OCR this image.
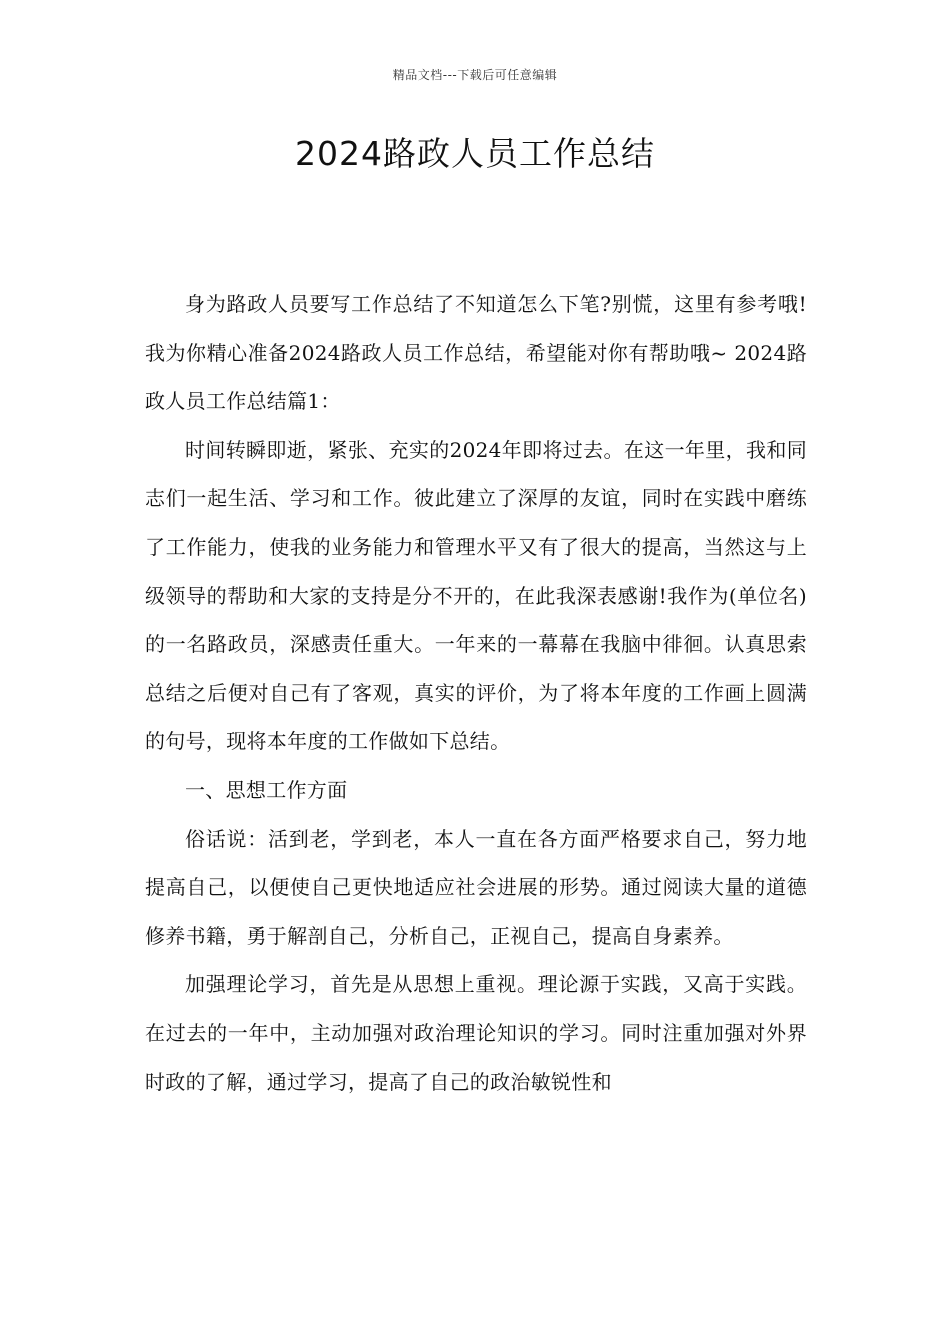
精品文档---下载后可任意编辑
2024路政人员工作总结

身为路政人员要写工作总结了不知道怎么下笔?别慌，这里有参考哦!我为你精心准备2024路政人员工作总结，希望能对你有帮助哦~ 2024路政人员工作总结篇1：

时间转瞬即逝，紧张、充实的2024年即将过去。在这一年里，我和同志们一起生活、学习和工作。彼此建立了深厚的友谊，同时在实践中磨练了工作能力，使我的业务能力和管理水平又有了很大的提高，当然这与上级领导的帮助和大家的支持是分不开的，在此我深表感谢!我作为(单位名)的一名路政员，深感责任重大。一年来的一幕幕在我脑中徘徊。认真思索总结之后便对自己有了客观，真实的评价，为了将本年度的工作画上圆满的句号，现将本年度的工作做如下总结。

一、思想工作方面

俗话说：活到老，学到老，本人一直在各方面严格要求自己，努力地提高自己，以便使自己更快地适应社会进展的形势。通过阅读大量的道德修养书籍，勇于解剖自己，分析自己，正视自己，提高自身素养。

加强理论学习，首先是从思想上重视。理论源于实践，又高于实践。在过去的一年中，主动加强对政治理论知识的学习。同时注重加强对外界时政的了解，通过学习，提高了自己的政治敏锐性和
